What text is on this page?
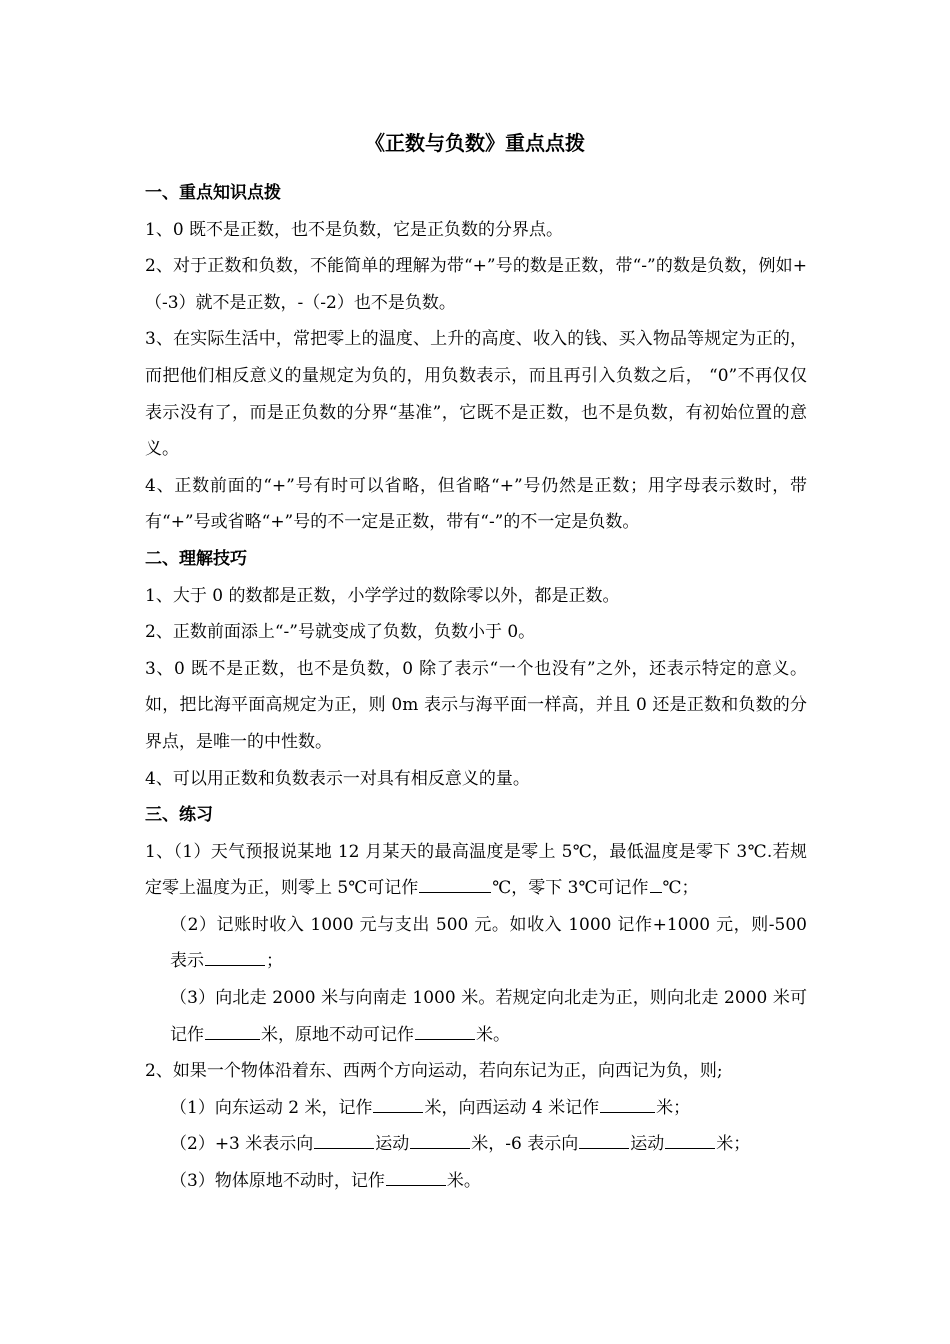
《正数与负数》重点点拨

一、重点知识点拨

1、0 既不是正数，也不是负数，它是正负数的分界点。

2、对于正数和负数，不能简单的理解为带“+”号的数是正数，带“-”的数是负数，例如+（-3）就不是正数，-（-2）也不是负数。

3、在实际生活中，常把零上的温度、上升的高度、收入的钱、买入物品等规定为正的，而把他们相反意义的量规定为负的，用负数表示，而且再引入负数之后， “0”不再仅仅表示没有了，而是正负数的分界“基准”，它既不是正数，也不是负数，有初始位置的意义。

4、正数前面的“+”号有时可以省略，但省略“+”号仍然是正数；用字母表示数时，带有“+”号或省略“+”号的不一定是正数，带有“-”的不一定是负数。

二、理解技巧

1、大于 0 的数都是正数，小学学过的数除零以外，都是正数。

2、正数前面添上“-”号就变成了负数，负数小于 0。

3、0 既不是正数，也不是负数，0 除了表示“一个也没有”之外，还表示特定的意义。如，把比海平面高规定为正，则 0m 表示与海平面一样高，并且 0 还是正数和负数的分界点，是唯一的中性数。

4、可以用正数和负数表示一对具有相反意义的量。

三、练习

1、（1）天气预报说某地 12 月某天的最高温度是零上 5℃，最低温度是零下 3℃.若规定零上温度为正，则零上 5℃可记作	℃，零下 3℃可记作 ℃；

（2）记账时收入 1000 元与支出 500 元。如收入 1000 记作+1000 元，则-500 表示	；

（3）向北走 2000 米与向南走 1000 米。若规定向北走为正，则向北走 2000 米可记作	米，原地不动可记作	米。

2、如果一个物体沿着东、西两个方向运动，若向东记为正，向西记为负，则;

（1）向东运动 2 米，记作	米，向西运动 4 米记作	米；

（2）+3 米表示向	运动	米，-6 表示向	运动	米；

（3）物体原地不动时，记作	米。
